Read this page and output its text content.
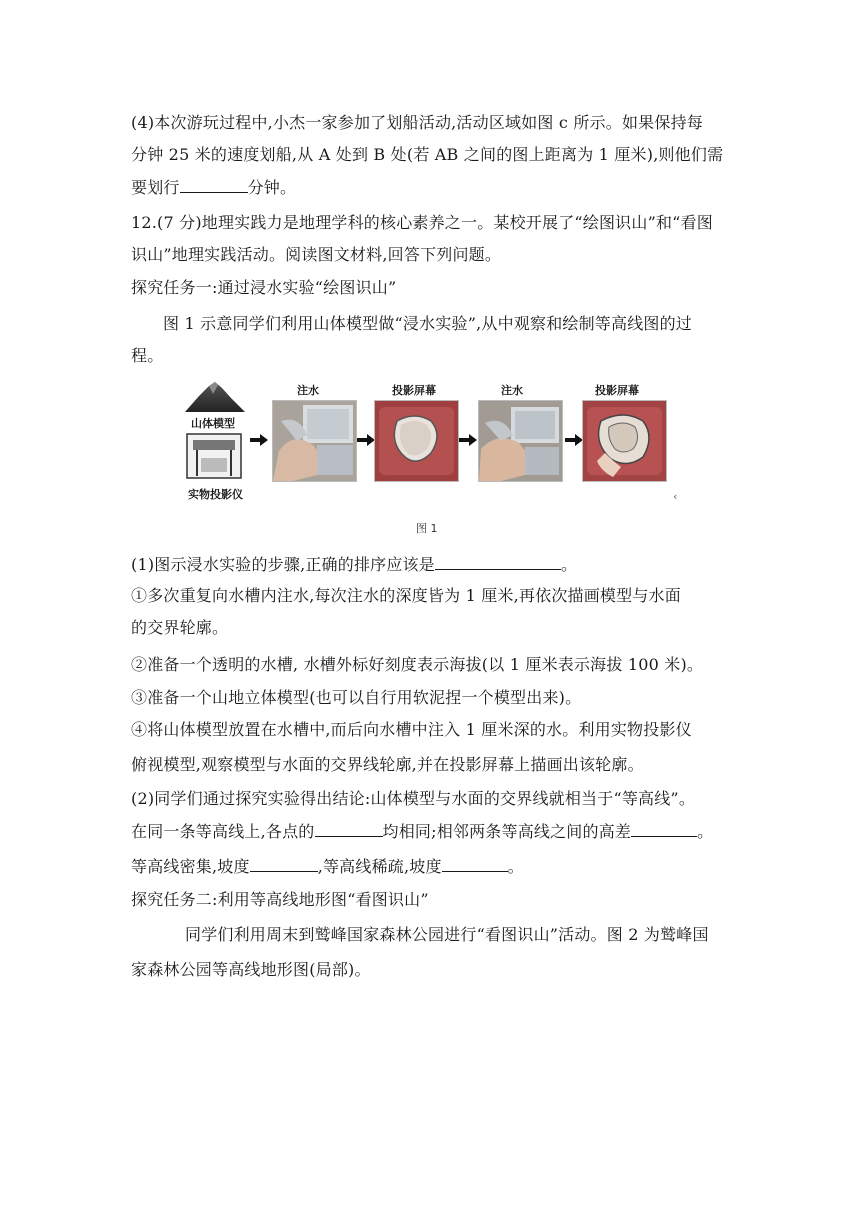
(4)本次游玩过程中,小杰一家参加了划船活动,活动区域如图 c 所示。如果保持每
分钟 25 米的速度划船,从 A 处到 B 处(若 AB 之间的图上距离为 1 厘米),则他们需
要划行	分钟。
12.(7 分)地理实践力是地理学科的核心素养之一。某校开展了“绘图识山”和“看图
识山”地理实践活动。阅读图文材料,回答下列问题。
探究任务一:通过浸水实验“绘图识山”
图 1 示意同学们利用山体模型做“浸水实验”,从中观察和绘制等高线图的过
程。
山体模型
实物投影仪
注水	投影屏幕	注水	投影屏幕
‹
图 1
(1)图示浸水实验的步骤,正确的排序应该是	。
①多次重复向水槽内注水,每次注水的深度皆为 1 厘米,再依次描画模型与水面
的交界轮廓。
②准备一个透明的水槽, 水槽外标好刻度表示海拔(以 1 厘米表示海拔 100 米)。
③准备一个山地立体模型(也可以自行用软泥捏一个模型出来)。
④将山体模型放置在水槽中,而后向水槽中注入 1 厘米深的水。利用实物投影仪
俯视模型,观察模型与水面的交界线轮廓,并在投影屏幕上描画出该轮廓。
(2)同学们通过探究实验得出结论:山体模型与水面的交界线就相当于“等高线”。
在同一条等高线上,各点的	均相同;相邻两条等高线之间的高差	。
等高线密集,坡度	,等高线稀疏,坡度	。
探究任务二:利用等高线地形图“看图识山”
同学们利用周末到鹫峰国家森林公园进行“看图识山”活动。图 2 为鹫峰国
家森林公园等高线地形图(局部)。
